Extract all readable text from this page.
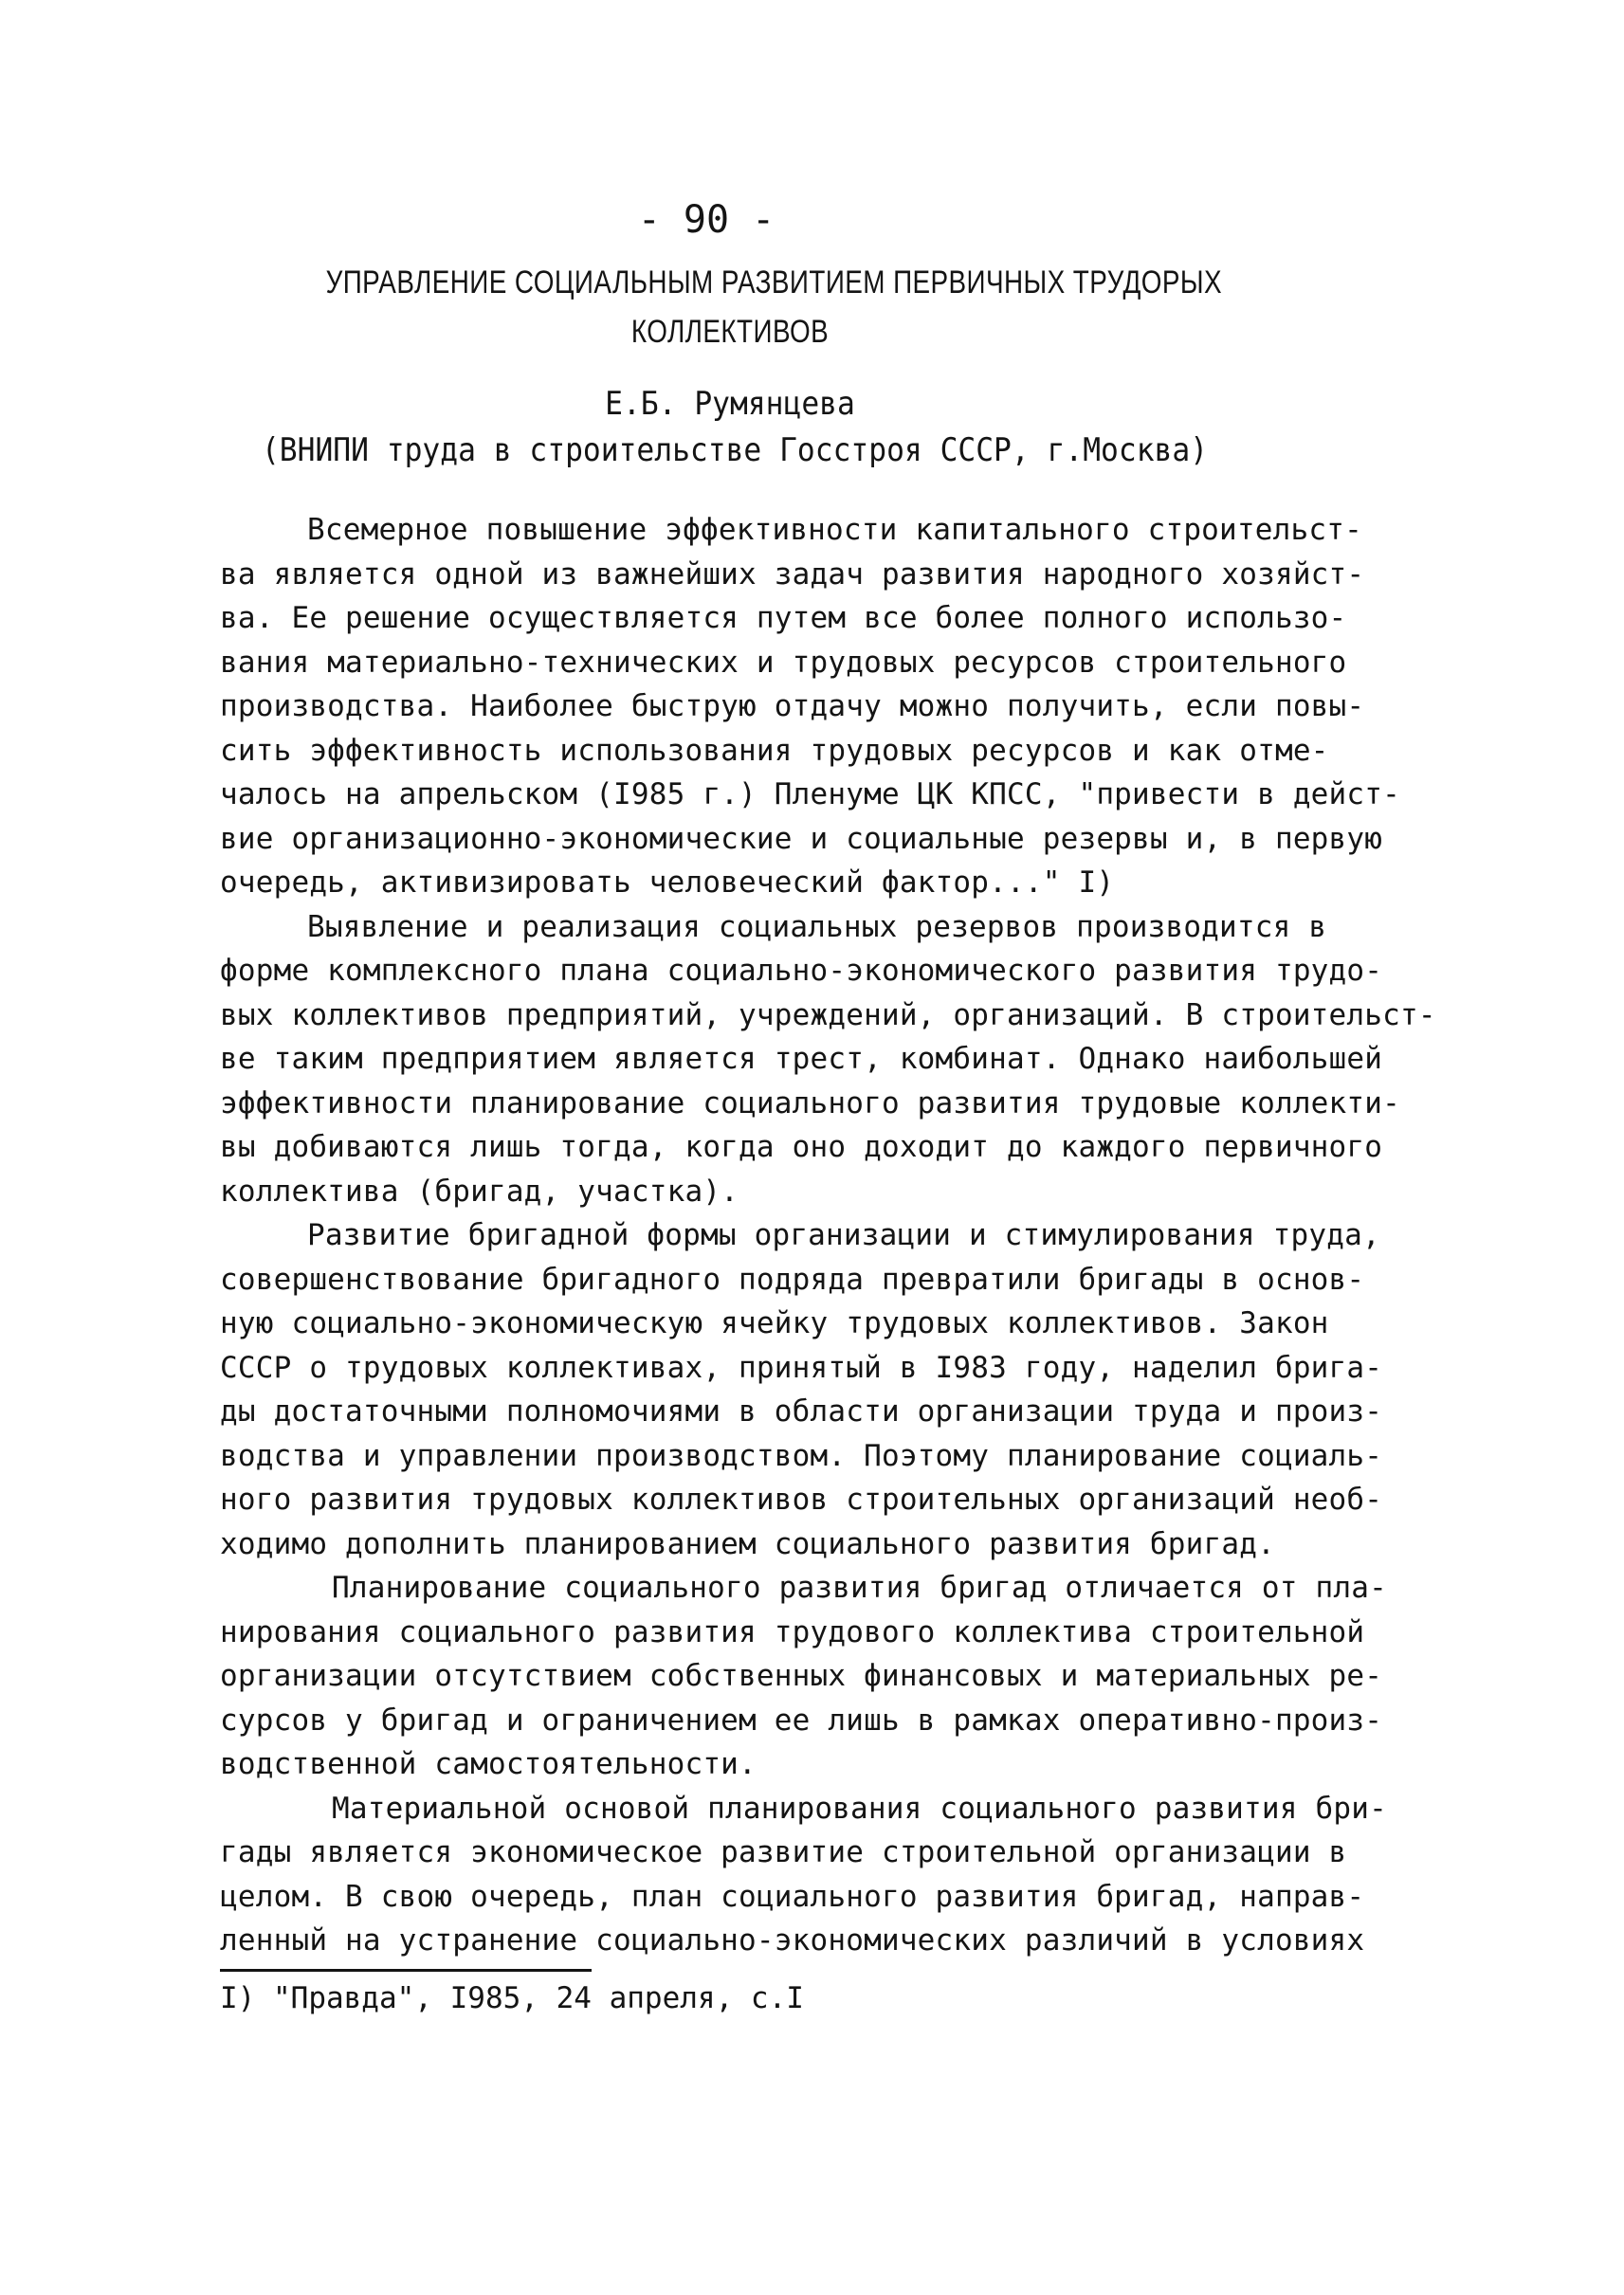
- 90 -
УПРАВЛЕНИЕ СОЦИАЛЬНЫМ РАЗВИТИЕМ ПЕРВИЧНЫХ ТРУДОРЫХ
КОЛЛЕКТИВОВ
Е.Б. Румянцева
(ВНИПИ труда в строительстве Госстроя СССР, г.Москва)
Всемерное повышение эффективности капитального строительст-
ва является одной из важнейших задач развития народного хозяйст-
ва. Ее решение осуществляется путем все более полного использо-
вания материально-технических и трудовых ресурсов строительного
производства. Наиболее быструю отдачу можно получить, если повы-
сить эффективность использования трудовых ресурсов и как отме-
чалось на апрельском (I985 г.) Пленуме ЦК КПСС, "привести в дейст-
вие организационно-экономические и социальные резервы и, в первую
очередь, активизировать человеческий фактор..." I)
Выявление и реализация социальных резервов производится в
форме комплексного плана социально-экономического развития трудо-
вых коллективов предприятий, учреждений, организаций. В строительст-
ве таким предприятием является трест, комбинат. Однако наибольшей
эффективности планирование социального развития трудовые коллекти-
вы добиваются лишь тогда, когда оно доходит до каждого первичного
коллектива (бригад, участка).
Развитие бригадной формы организации и стимулирования труда,
совершенствование бригадного подряда превратили бригады в основ-
ную социально-экономическую ячейку трудовых коллективов. Закон
СССР о трудовых коллективах, принятый в I983 году, наделил брига-
ды достаточными полномочиями в области организации труда и произ-
водства и управлении производством. Поэтому планирование социаль-
ного развития трудовых коллективов строительных организаций необ-
ходимо дополнить планированием социального развития бригад.
Планирование социального развития бригад отличается от пла-
нирования социального развития трудового коллектива строительной
организации отсутствием собственных финансовых и материальных ре-
сурсов у бригад и ограничением ее лишь в рамках оперативно-произ-
водственной самостоятельности.
Материальной основой планирования социального развития бри-
гады является экономическое развитие строительной организации в
целом. В свою очередь, план социального развития бригад, направ-
ленный на устранение социально-экономических различий в условиях
I) "Правда", I985, 24 апреля, с.I
